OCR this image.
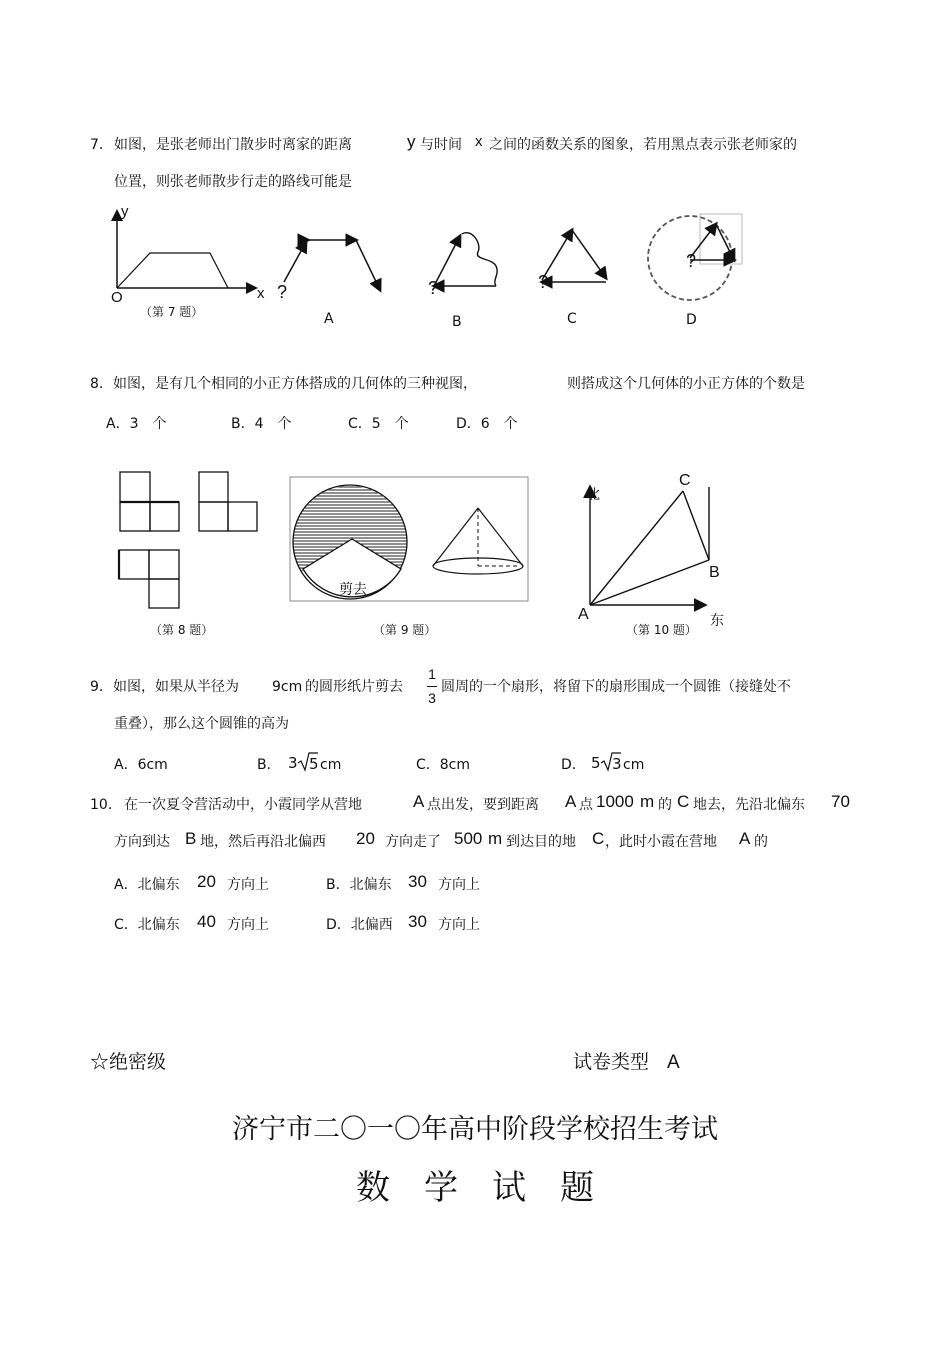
7． 如图，是张老师出门散步时离家的距离	y 与时间 x 之间的函数关系的图象，若用黑点表示张老师家的
位置，则张老师散步行走的路线可能是
y
x
O
（第 7 题）
?
A
?
B
?
C
?
D
8． 如图，是有几个相同的小正方体搭成的几何体的三种视图，	则搭成这个几何体的小正方体的个数是
A．3　个	B．4　个	C．5　个	D．6　个
（第 8 题）
剪去
（第 9 题）
北
东
A
B
C
（第 10 题）
9． 如图，如果从半径为 9cm 的圆形纸片剪去
1
3
圆周的一个扇形，将留下的扇形围成一个圆锥（接缝处不
重叠），那么这个圆锥的高为
A．6cm	B． 3 5 cm	C．8cm	D． 5 3 cm
10． 在一次夏令营活动中，小霞同学从营地	A 点出发，要到距离 A 点 1000 m 的 C 地去，先沿北偏东 70
方向到达 B 地，然后再沿北偏西 20 方向走了 500 m 到达目的地 C ，此时小霞在营地 A 的
A．北偏东 20 方向上	B．北偏东 30 方向上
C．北偏东 40 方向上	D．北偏西 30 方向上
☆绝密级	试卷类型 A
济宁市二〇一〇年高中阶段学校招生考试
数　学　试　题
